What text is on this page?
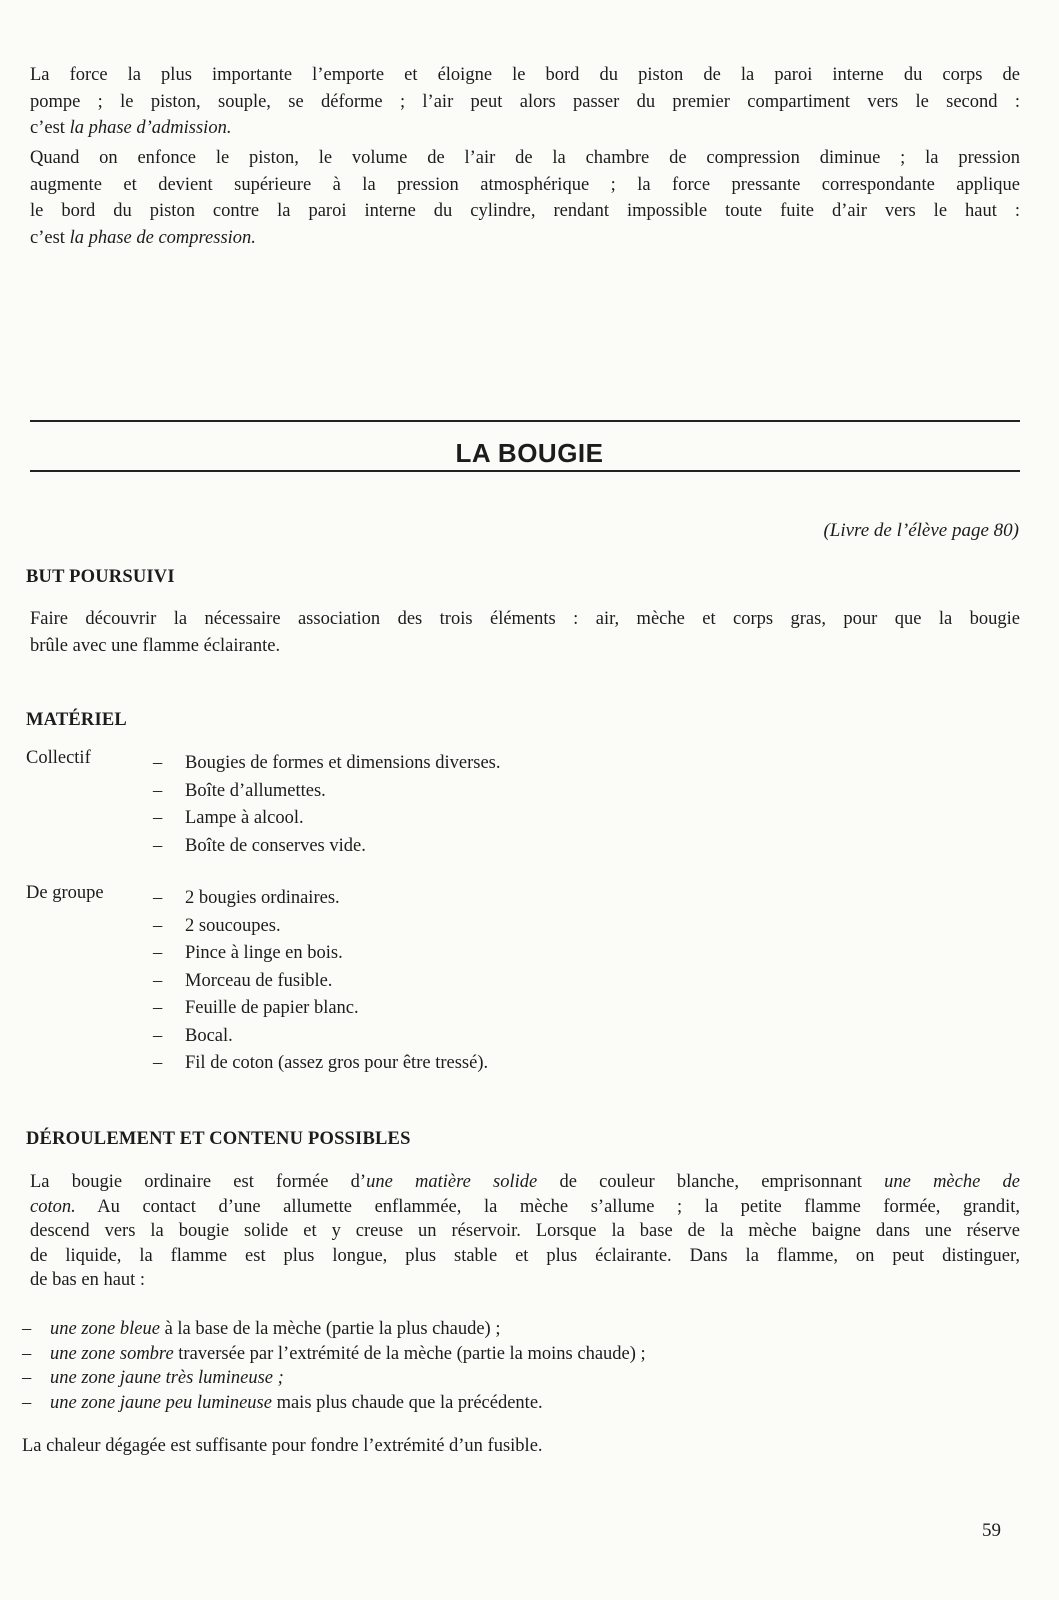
La force la plus importante l’emporte et éloigne le bord du piston de la paroi interne du corps de
pompe ; le piston, souple, se déforme ; l’air peut alors passer du premier compartiment vers le second :
c’est la phase d’admission.
Quand on enfonce le piston, le volume de l’air de la chambre de compression diminue ; la pression
augmente et devient supérieure à la pression atmosphérique ; la force pressante correspondante applique
le bord du piston contre la paroi interne du cylindre, rendant impossible toute fuite d’air vers le haut :
c’est la phase de compression.
LA BOUGIE
(Livre de l’élève page 80)
BUT POURSUIVI
Faire découvrir la nécessaire association des trois éléments : air, mèche et corps gras, pour que la bougie
brûle avec une flamme éclairante.
MATÉRIEL
Collectif	–	Bougies de formes et dimensions diverses.
–	Boîte d’allumettes.
–	Lampe à alcool.
–	Boîte de conserves vide.
De groupe	–	2 bougies ordinaires.
–	2 soucoupes.
–	Pince à linge en bois.
–	Morceau de fusible.
–	Feuille de papier blanc.
–	Bocal.
–	Fil de coton (assez gros pour être tressé).
DÉROULEMENT ET CONTENU POSSIBLES
La bougie ordinaire est formée d’une matière solide de couleur blanche, emprisonnant une mèche de
coton. Au contact d’une allumette enflammée, la mèche s’allume ; la petite flamme formée, grandit,
descend vers la bougie solide et y creuse un réservoir. Lorsque la base de la mèche baigne dans une réserve
de liquide, la flamme est plus longue, plus stable et plus éclairante. Dans la flamme, on peut distinguer,
de bas en haut :
–	une zone bleue à la base de la mèche (partie la plus chaude) ;
–	une zone sombre traversée par l’extrémité de la mèche (partie la moins chaude) ;
–	une zone jaune très lumineuse ;
–	une zone jaune peu lumineuse mais plus chaude que la précédente.
La chaleur dégagée est suffisante pour fondre l’extrémité d’un fusible.
59
